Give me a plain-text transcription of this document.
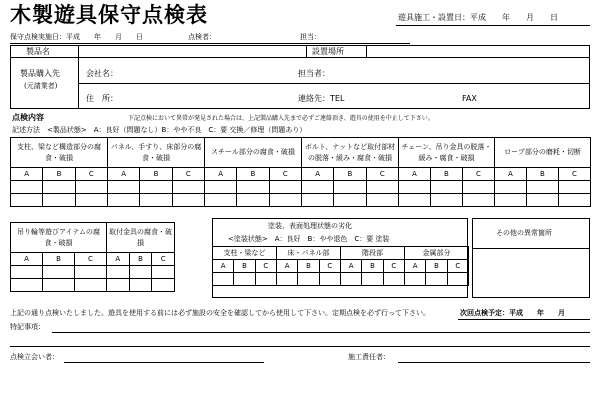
木製遊具保守点検表	遊具施工・設置日：平成　　年　　月　　日
保守点検実施日：平成　　年　　月　　日	点検者：	担当：
製品名	設置場所
製品購入先
(元請業者)
会社名：	担当者：
住　所：	連絡先：TEL	FAX
点検内容	下記点検において異常が発見された場合は、上記製品購入先まで必ずご連絡頂き、遊具の使用を中止して下さい。
記述方法　<製品状態>　A：良好（問題なし）B：やや不良　C：要 交換／修理（問題あり）
支柱、梁など構造部分の腐食・破損	パネル、手すり、床部分の腐食・破損	スチール部分の腐食・破損	ボルト、ナットなど取付部材の脱落・緩み・腐食・破損	チェーン、吊り金具の脱落・緩み・腐食・破損	ロープ部分の磨耗・切断
A	B	C	A	B	C	A	B	C	A	B	C	A	B	C	A	B	C

吊り輪等遊びアイテムの腐食・破損	取付金具の腐食・破損
A	B	C	A	B	C

塗装、表面処理状態の劣化
<塗装状態>　A：良好　B：やや退色　C：要 塗装
支柱・梁など			床・パネル部			階段部			金属部分		
A	B	C	A	B	C	A	B	C	A	B	C

その他の異常箇所
上記の通り点検いたしました。遊具を使用する前には必ず施設の安全を確認してから使用して下さい。定期点検を必ず行って下さい。	次回点検予定：平成　　年　　月
特記事項：
点検立会い者：	施工責任者：
